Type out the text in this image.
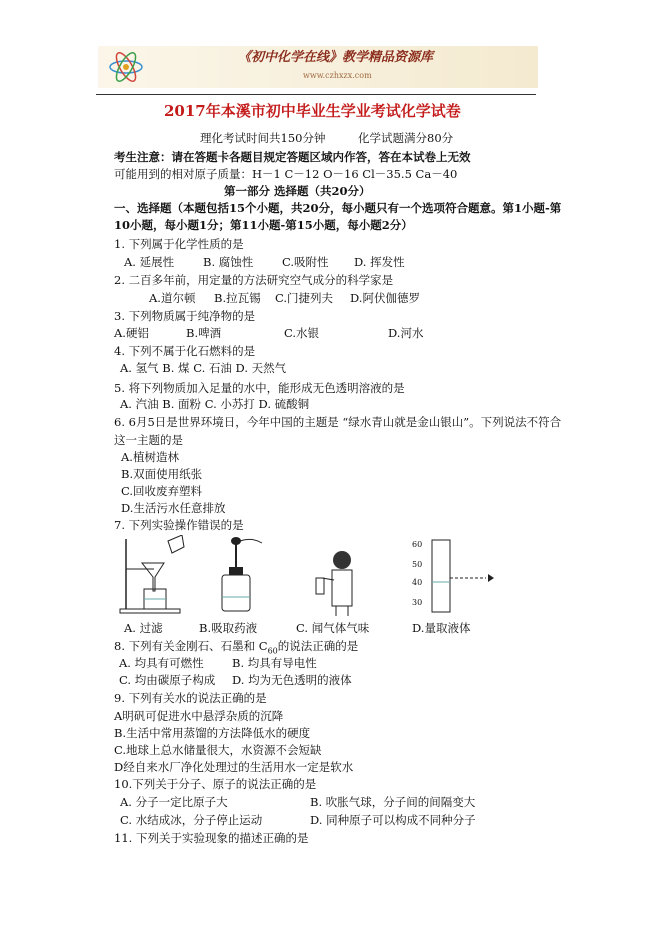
《初中化学在线》教学精品资源库
www.czhxzx.com
2017年本溪市初中毕业生学业考试化学试卷
理化考试时间共150分钟	化学试题满分80分
考生注意：请在答题卡各题目规定答题区域内作答，答在本试卷上无效
可能用到的相对原子质量：H－1 C－12 O－16 Cl－35.5 Ca－40
第一部分 选择题（共20分）
一、选择题（本题包括15个小题，共20分，每小题只有一个选项符合题意。第1小题-第
10小题，每小题1分；第11小题-第15小题，每小题2分）
1. 下列属于化学性质的是
A. 延展性	B. 腐蚀性 C.吸附性 D. 挥发性
2. 二百多年前，用定量的方法研究空气成分的科学家是
A.道尔顿 B.拉瓦锡 C.门捷列夫 D.阿伏伽德罗
3. 下列物质属于纯净物的是
A.硬铝	B.啤酒	C.水银	D.河水
4. 下列不属于化石燃料的是
A. 氢气 B. 煤 C. 石油 D. 天然气
5. 将下列物质加入足量的水中，能形成无色透明溶液的是
A. 汽油 B. 面粉 C. 小苏打 D. 硫酸铜
6. 6月5日是世界环境日，今年中国的主题是 “绿水青山就是金山银山”。下列说法不符合
这一主题的是
A.植树造林
B.双面使用纸张
C.回收废弃塑料
D.生活污水任意排放
7. 下列实验操作错误的是
60
50
40
30
A. 过滤	B.吸取药液	C. 闻气体气味	D.量取液体
8. 下列有关金刚石、石墨和 $C_{60}$的说法正确的是
A. 均具有可燃性 B. 均具有导电性
C. 均由碳原子构成 D. 均为无色透明的液体
9. 下列有关水的说法正确的是
A明矾可促进水中悬浮杂质的沉降
B.生活中常用蒸馏的方法降低水的硬度
C.地球上总水储量很大，水资源不会短缺
D经自来水厂净化处理过的生活用水一定是软水
10.下列关于分子、原子的说法正确的是
A. 分子一定比原子大	B. 吹胀气球，分子间的间隔变大
C. 水结成冰，分子停止运动	D. 同种原子可以构成不同种分子
11. 下列关于实验现象的描述正确的是
